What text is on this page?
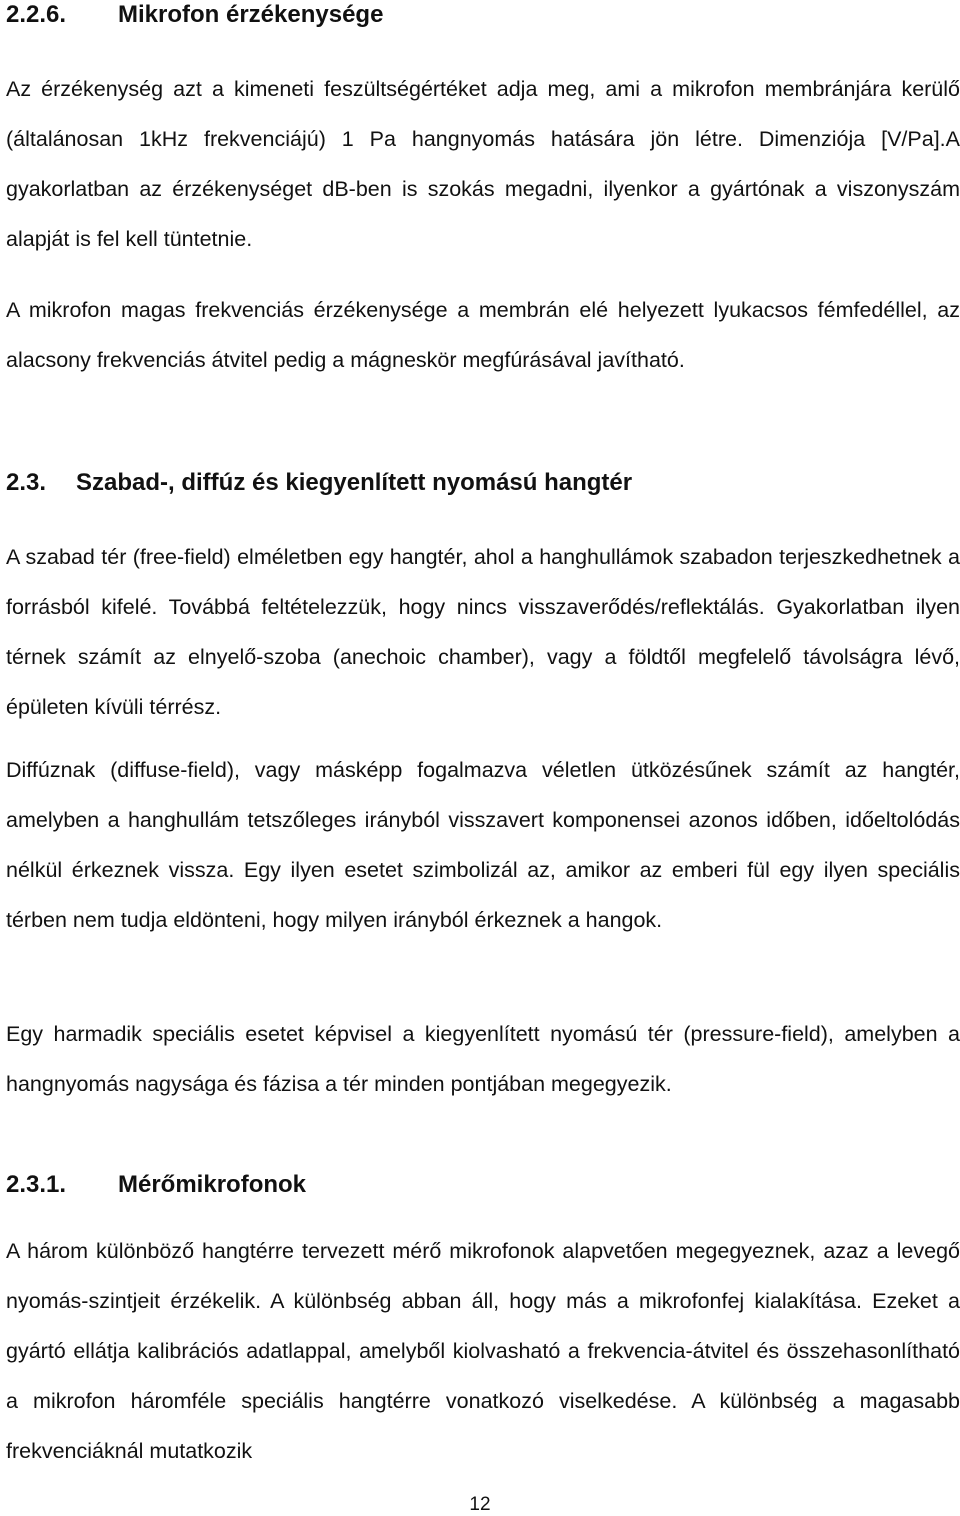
2.2.6. Mikrofon érzékenysége

Az érzékenység azt a kimeneti feszültségértéket adja meg, ami a mikrofon membránjára kerülő (általánosan 1kHz frekvenciájú) 1 Pa hangnyomás hatására jön létre. Dimenziója [V/Pa].A gyakorlatban az érzékenységet dB-ben is szokás megadni, ilyenkor a gyártónak a viszonyszám alapját is fel kell tüntetnie.

A mikrofon magas frekvenciás érzékenysége a membrán elé helyezett lyukacsos fémfedéllel, az alacsony frekvenciás átvitel pedig a mágneskör megfúrásával javítható.

2.3. Szabad-, diffúz és kiegyenlített nyomású hangtér

A szabad tér (free-field) elméletben egy hangtér, ahol a hanghullámok szabadon terjeszkedhetnek a forrásból kifelé. Továbbá feltételezzük, hogy nincs visszaverődés/reflektálás. Gyakorlatban ilyen térnek számít az elnyelő-szoba (anechoic chamber), vagy a földtől megfelelő távolságra lévő, épületen kívüli térrész.

Diffúznak (diffuse-field), vagy másképp fogalmazva véletlen ütközésűnek számít az hangtér, amelyben a hanghullám tetszőleges irányból visszavert komponensei azonos időben, időeltolódás nélkül érkeznek vissza. Egy ilyen esetet szimbolizál az, amikor az emberi fül egy ilyen speciális térben nem tudja eldönteni, hogy milyen irányból érkeznek a hangok.

Egy harmadik speciális esetet képvisel a kiegyenlített nyomású tér (pressure-field), amelyben a hangnyomás nagysága és fázisa a tér minden pontjában megegyezik.

2.3.1. Mérőmikrofonok

A három különböző hangtérre tervezett mérő mikrofonok alapvetően megegyeznek, azaz a levegő nyomás-szintjeit érzékelik. A különbség abban áll, hogy más a mikrofonfej kialakítása. Ezeket a gyártó ellátja kalibrációs adatlappal, amelyből kiolvasható a frekvencia-átvitel és összehasonlítható a mikrofon háromféle speciális hangtérre vonatkozó viselkedése. A különbség a magasabb frekvenciáknál mutatkozik

12
